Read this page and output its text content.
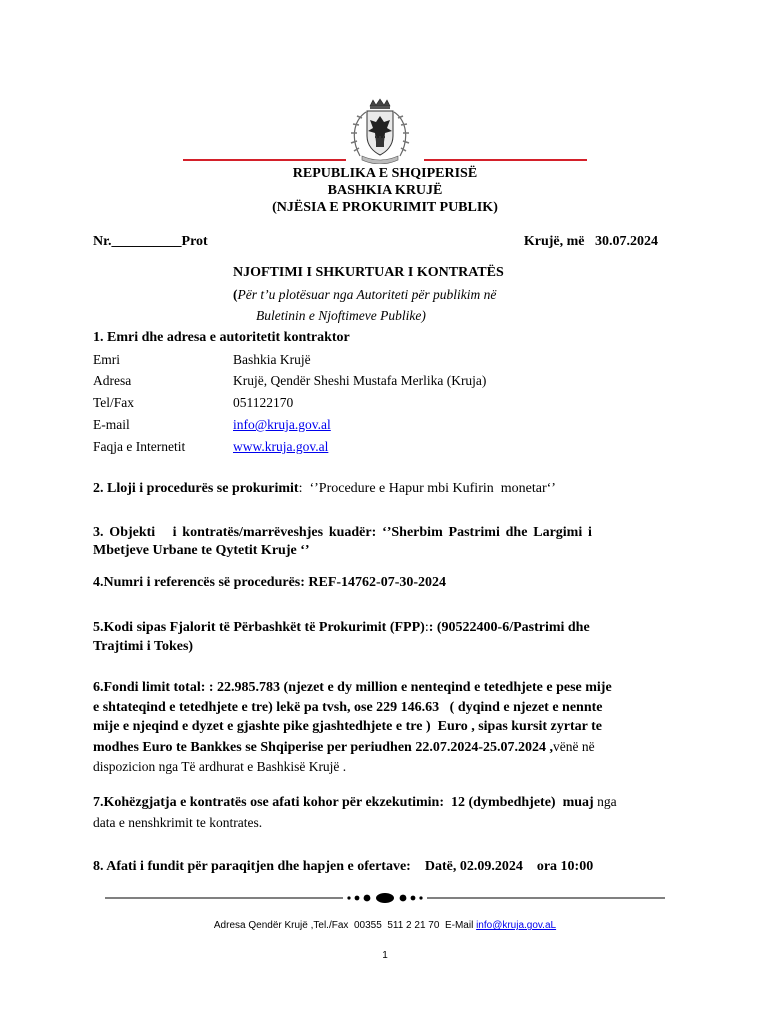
REPUBLIKA E SHQIPERISË
BASHKIA KRUJË
(NJËSIA E PROKURIMIT PUBLIK)
Nr.__________Prot	Krujë, më   30.07.2024
NJOFTIMI I SHKURTUAR I KONTRATËS
(Për t’u plotësuar nga Autoriteti për publikim në
Buletinin e Njoftimeve Publike)
1. Emri dhe adresa e autoritetit kontraktor
Emri	Bashkia Krujë
Adresa	Krujë, Qendër Sheshi Mustafa Merlika (Kruja)
Tel/Fax	051122170
E-mail	info@kruja.gov.al
Faqja e Internetit	www.kruja.gov.al
2. Lloji i procedurës se prokurimit:  ‘’Procedure e Hapur mbi Kufirin  monetar‘’
3. Objekti   i kontratës/marrëveshjes kuadër: ‘’Sherbim Pastrimi dhe Largimi i
Mbetjeve Urbane te Qytetit Kruje ‘’
4.Numri i referencës së procedurës: REF-14762-07-30-2024
5.Kodi sipas Fjalorit të Përbashkët të Prokurimit (FPP):: (90522400-6/Pastrimi dhe
Trajtimi i Tokes)
6.Fondi limit total: : 22.985.783 (njezet e dy million e nenteqind e tetedhjete e pese mije
e shtateqind e tetedhjete e tre) lekë pa tvsh, ose 229 146.63   ( dyqind e njezet e nennte
mije e njeqind e dyzet e gjashte pike gjashtedhjete e tre )  Euro , sipas kursit zyrtar te
modhes Euro te Bankkes se Shqiperise per periudhen 22.07.2024-25.07.2024 ,vënë në
dispozicion nga Të ardhurat e Bashkisë Krujë .
7.Kohëzgjatja e kontratës ose afati kohor për ekzekutimin:  12 (dymbedhjete)  muaj nga
data e nenshkrimit te kontrates.
8. Afati i fundit për paraqitjen dhe hapjen e ofertave:    Datë, 02.09.2024    ora 10:00
Adresa Qendër Krujë ,Tel./Fax  00355  511 2 21 70  E-Mail info@kruja.gov.aL
1
